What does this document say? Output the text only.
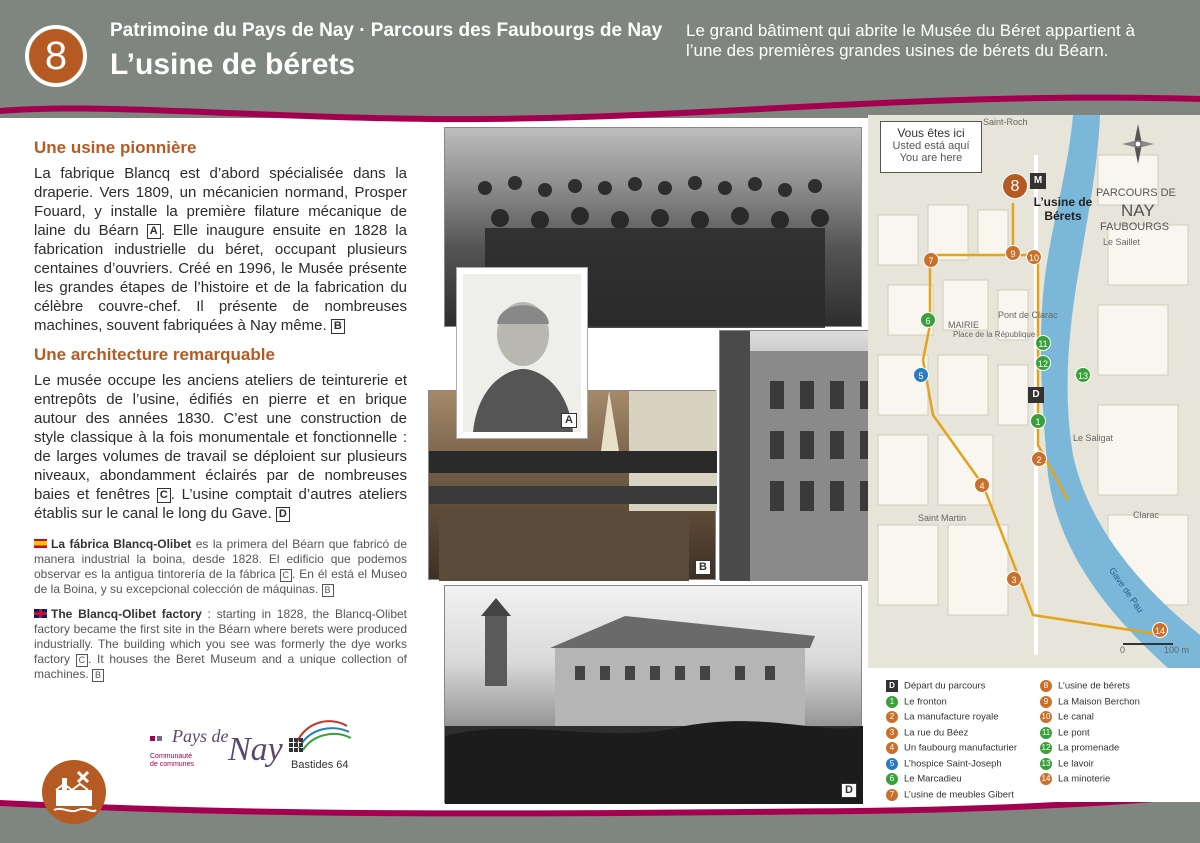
8
Patrimoine du Pays de Nay · Parcours des Faubourgs de Nay
L’usine de bérets
Le grand bâtiment qui abrite le Musée du Béret appartient à l’une des premières grandes usines de bérets du Béarn.
Une usine pionnière

La fabrique Blancq est d’abord spécialisée dans la draperie. Vers 1809, un mécanicien normand, Prosper Fouard, y installe la première filature mécanique de laine du Béarn A . Elle inaugure ensuite en 1828 la fabrication industrielle du béret, occupant plusieurs centaines d’ouvriers. Créé en 1996, le Musée présente les grandes étapes de l’histoire et de la fabrication du célèbre couvre-chef. Il présente de nombreuses machines, souvent fabriquées à Nay même. B

Une architecture remarquable

Le musée occupe les anciens ateliers de teinturerie et entrepôts de l’usine, édifiés en pierre et en brique autour des années 1830. C’est une construction de style classique à la fois monumentale et fonctionnelle : de larges volumes de travail se déploient sur plusieurs niveaux, abondamment éclairés par de nombreuses baies et fenêtres C . L’usine comptait d’autres ateliers établis sur le canal le long du Gave. D

La fábrica Blancq-Olibet es la primera del Béarn que fabricó de manera industrial la boina, desde 1828. El edificio que podemos observar es la antigua tintorería de la fábrica C . En él está el Museo de la Boina, y su excepcional colección de máquinas. B

The Blancq-Olibet factory : starting in 1828, the Blancq-Olibet factory became the first site in the Béarn where berets were produced industrially. The building which you see was formerly the dye works factory C . It houses the Beret Museum and a unique collection of machines. B

Pays de Nay
Communauté
de communes	Bastides 64
B
A
D
Saint-Roch
Le Saillet
MAIRIE
Le Saligat
Clarac
Saint Martin
Pont de Clarac
Place de la République
Gave de Pau
L’usine de Bérets
PARCOURS DE
NAY
FAUBOURGS
0	100 m
8	M
9	10
7
6
5
11
12
13
D
1
2
4
3
14
Vous êtes ici
Usted está aquí
You are here
D Départ du parcours
1 Le fronton
2 La manufacture royale
3 La rue du Béez
4 Un faubourg manufacturier
5 L’hospice Saint-Joseph
6 Le Marcadieu
7 L’usine de meubles Gibert
8 L’usine de bérets
9 La Maison Berchon
10 Le canal
11 Le pont
12 La promenade
13 Le lavoir
14 La minoterie
